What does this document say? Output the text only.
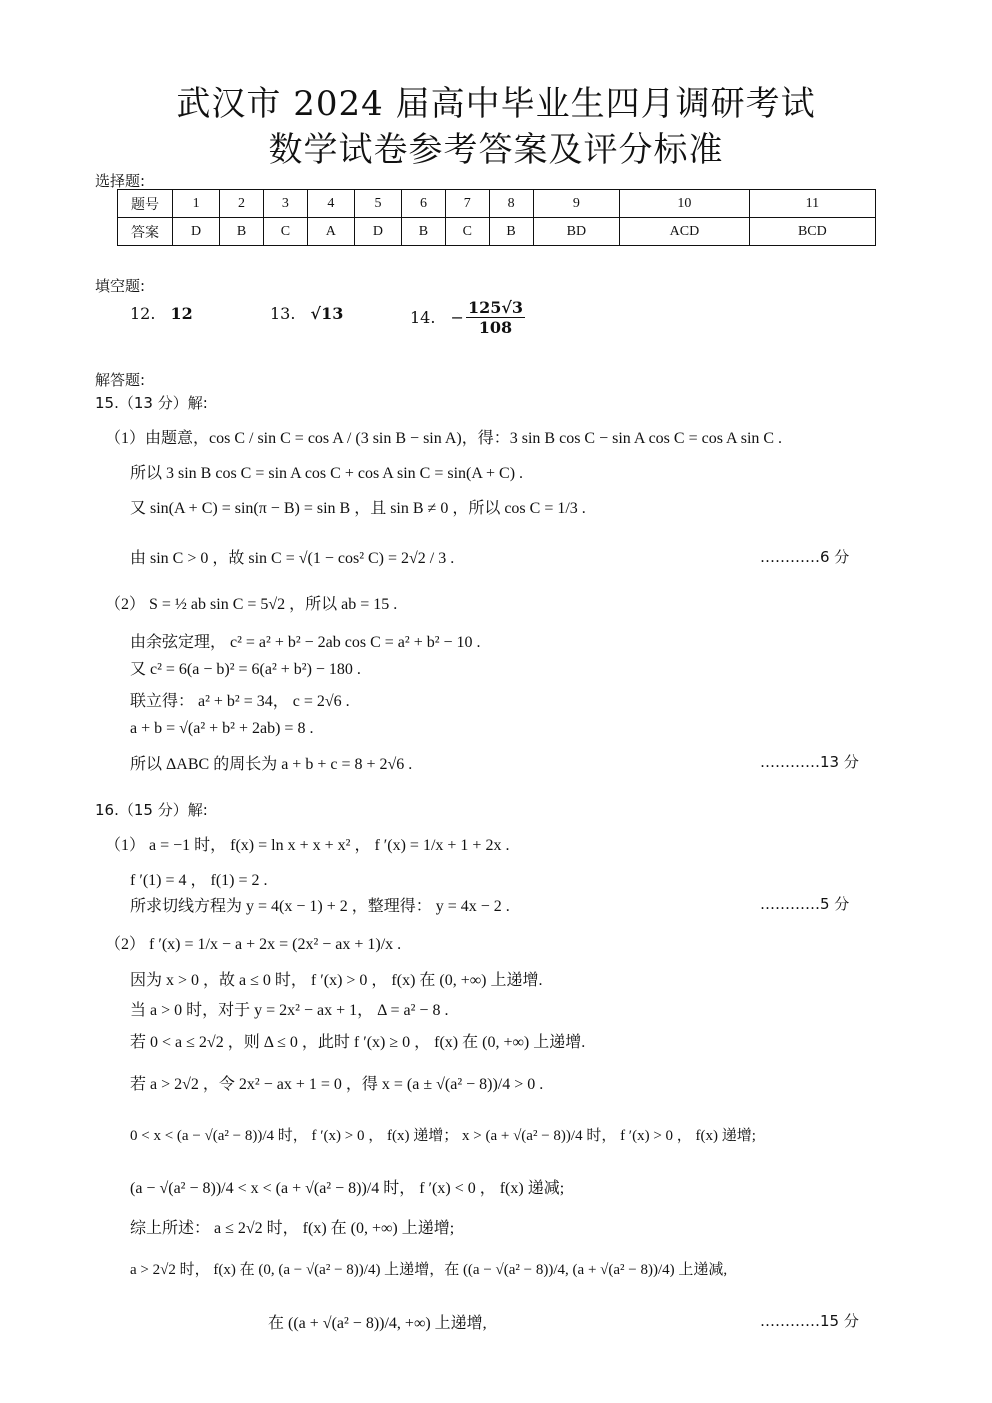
武汉市 2024 届高中毕业生四月调研考试
数学试卷参考答案及评分标准
选择题:
题号	1	2	3	4	5	6	7	8	9	10	11
答案	D	B	C	A	D	B	C	B	BD	ACD	BCD
填空题:
12. 12	13. √13	14. − $\frac{125√3}{108}$
解答题:
15.（13 分）解:
（1）由题意，cos C / sin C = cos A / (3 sin B − sin A)，得：3 sin B cos C − sin A cos C = cos A sin C .
所以 3 sin B cos C = sin A cos C + cos A sin C = sin(A + C) .
又 sin(A + C) = sin(π − B) = sin B ，且 sin B ≠ 0 ，所以 cos C = 1/3 .
由 sin C > 0 ，故 sin C = √(1 − cos² C) = 2√2 / 3 .	…………6 分
（2） S = ½ ab sin C = 5√2 ，所以 ab = 15 .
由余弦定理， c² = a² + b² − 2ab cos C = a² + b² − 10 .
又 c² = 6(a − b)² = 6(a² + b²) − 180 .
联立得： a² + b² = 34， c = 2√6 .
a + b = √(a² + b² + 2ab) = 8 .
所以 ΔABC 的周长为 a + b + c = 8 + 2√6 .	…………13 分
16.（15 分）解:
（1） a = −1 时， f(x) = ln x + x + x² ， f ′(x) = 1/x + 1 + 2x .
f ′(1) = 4 ， f(1) = 2 .
所求切线方程为 y = 4(x − 1) + 2 ，整理得： y = 4x − 2 .	…………5 分
（2） f ′(x) = 1/x − a + 2x = (2x² − ax + 1)/x .
因为 x > 0 ，故 a ≤ 0 时， f ′(x) > 0 ， f(x) 在 (0, +∞) 上递增.
当 a > 0 时，对于 y = 2x² − ax + 1， Δ = a² − 8 .
若 0 < a ≤ 2√2 ，则 Δ ≤ 0 ，此时 f ′(x) ≥ 0 ， f(x) 在 (0, +∞) 上递增.
若 a > 2√2 ，令 2x² − ax + 1 = 0 ，得 x = (a ± √(a² − 8))/4 > 0 .
0 < x < (a − √(a² − 8))/4 时， f ′(x) > 0 ， f(x) 递增； x > (a + √(a² − 8))/4 时， f ′(x) > 0 ， f(x) 递增;
(a − √(a² − 8))/4 < x < (a + √(a² − 8))/4 时， f ′(x) < 0 ， f(x) 递减;
综上所述： a ≤ 2√2 时， f(x) 在 (0, +∞) 上递增;
a > 2√2 时， f(x) 在 (0, (a − √(a² − 8))/4) 上递增，在 ((a − √(a² − 8))/4, (a + √(a² − 8))/4) 上递减,
在 ((a + √(a² − 8))/4, +∞) 上递增,	…………15 分
